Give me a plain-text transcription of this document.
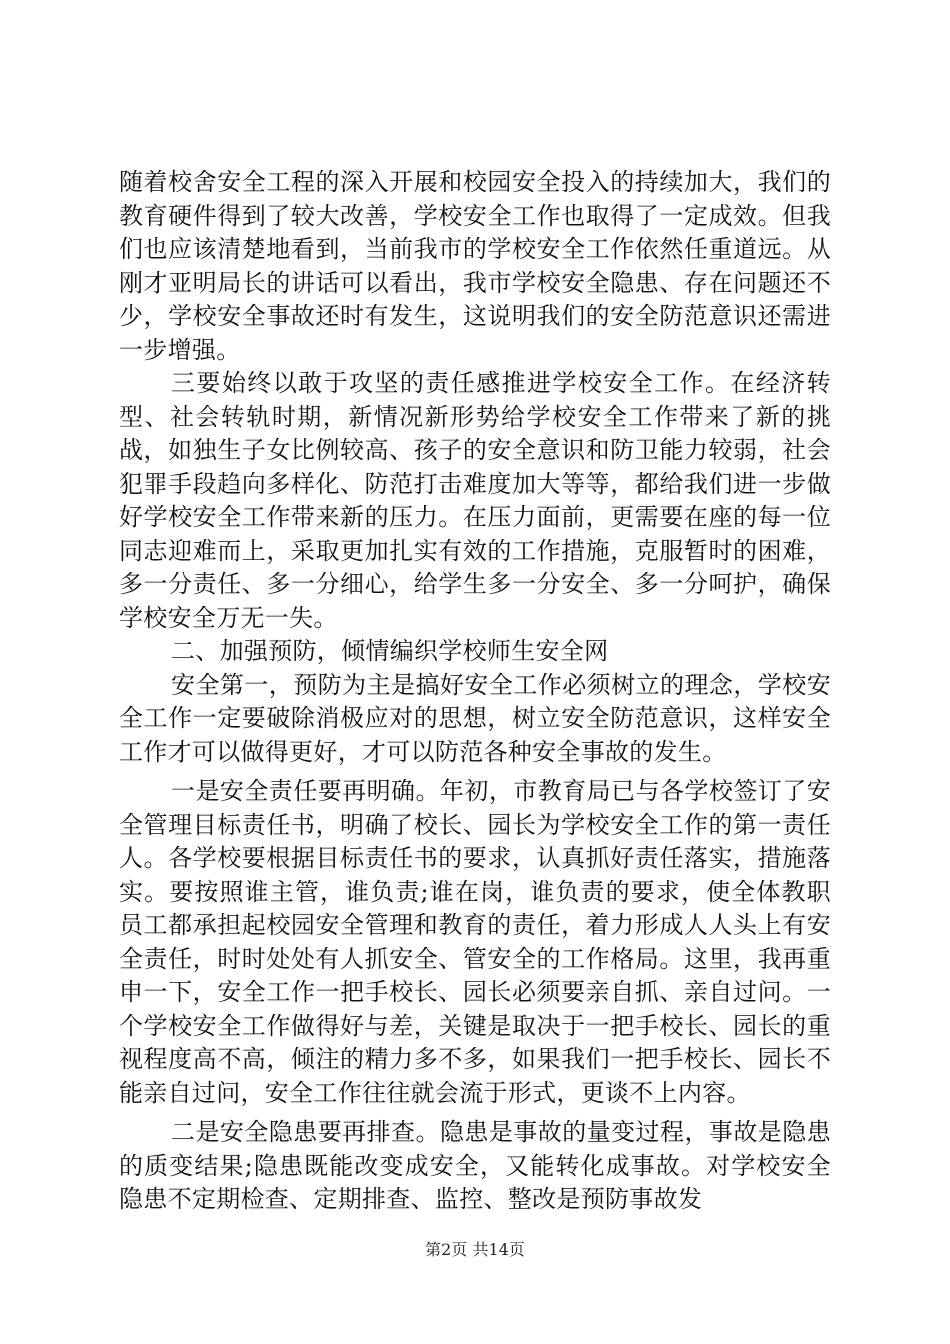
随着校舍安全工程的深入开展和校园安全投入的持续加大，我们的教育硬件得到了较大改善，学校安全工作也取得了一定成效。但我们也应该清楚地看到，当前我市的学校安全工作依然任重道远。从刚才亚明局长的讲话可以看出，我市学校安全隐患、存在问题还不少，学校安全事故还时有发生，这说明我们的安全防范意识还需进一步增强。

三要始终以敢于攻坚的责任感推进学校安全工作。在经济转型、社会转轨时期，新情况新形势给学校安全工作带来了新的挑战，如独生子女比例较高、孩子的安全意识和防卫能力较弱，社会犯罪手段趋向多样化、防范打击难度加大等等，都给我们进一步做好学校安全工作带来新的压力。在压力面前，更需要在座的每一位同志迎难而上，采取更加扎实有效的工作措施，克服暂时的困难，多一分责任、多一分细心，给学生多一分安全、多一分呵护，确保学校安全万无一失。

二、加强预防，倾情编织学校师生安全网

安全第一，预防为主是搞好安全工作必须树立的理念，学校安全工作一定要破除消极应对的思想，树立安全防范意识，这样安全工作才可以做得更好，才可以防范各种安全事故的发生。

一是安全责任要再明确。年初，市教育局已与各学校签订了安全管理目标责任书，明确了校长、园长为学校安全工作的第一责任人。各学校要根据目标责任书的要求，认真抓好责任落实，措施落实。要按照谁主管，谁负责;谁在岗，谁负责的要求，使全体教职员工都承担起校园安全管理和教育的责任，着力形成人人头上有安全责任，时时处处有人抓安全、管安全的工作格局。这里，我再重申一下，安全工作一把手校长、园长必须要亲自抓、亲自过问。一个学校安全工作做得好与差，关键是取决于一把手校长、园长的重视程度高不高，倾注的精力多不多，如果我们一把手校长、园长不能亲自过问，安全工作往往就会流于形式，更谈不上内容。

二是安全隐患要再排查。隐患是事故的量变过程，事故是隐患的质变结果;隐患既能改变成安全，又能转化成事故。对学校安全隐患不定期检查、定期排查、监控、整改是预防事故发

第2页 共14页
